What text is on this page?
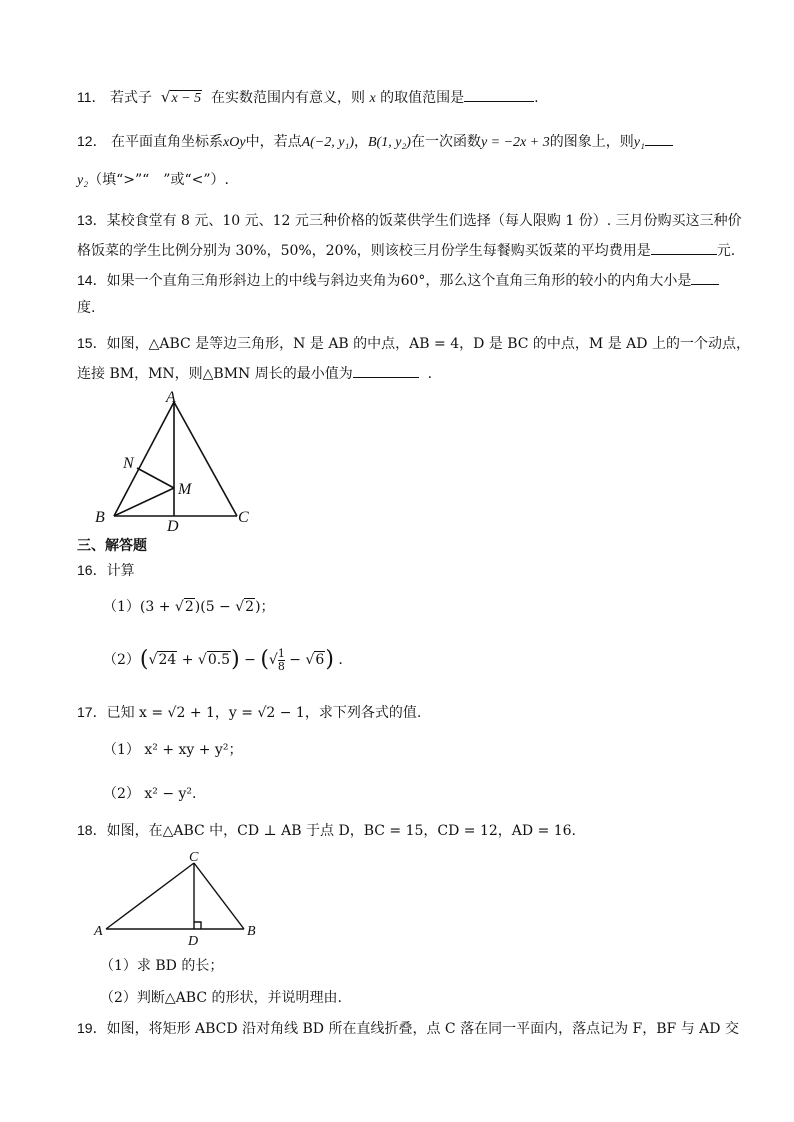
11． 若式子 √x − 5 在实数范围内有意义，则 x 的取值范围是	.
12． 在平面直角坐标系xOy中，若点A(−2, y₁)，B(1, y₂)在一次函数y = −2x + 3的图象上，则y₁
y₂（填“>”“　”或“<”）.
13．某校食堂有 8 元、10 元、12 元三种价格的饭菜供学生们选择（每人限购 1 份）. 三月份购买这三种价
格饭菜的学生比例分别为 30%，50%，20%，则该校三月份学生每餐购买饭菜的平均费用是	元.
14．如果一个直角三角形斜边上的中线与斜边夹角为60°，那么这个直角三角形的较小的内角大小是
度.
15．如图，△ABC 是等边三角形，N 是 AB 的中点，AB = 4，D 是 BC 的中点，M 是 AD 上的一个动点，
连接 BM，MN，则△BMN 周长的最小值为	.
A
N
M
B
D
C
三、解答题
16．计算
（1）(3 + √2)(5 − √2)；
（2）(√24 + √0.5) − (√ $\frac{1}{8} - √6$) .
17．已知 x = √2 + 1，y = √2 − 1，求下列各式的值.
（1） x² + xy + y²；
（2） x² − y².
18．如图，在△ABC 中，CD ⊥ AB 于点 D，BC = 15，CD = 12，AD = 16.
C
A
D
B
（1）求 BD 的长；
（2）判断△ABC 的形状，并说明理由.
19．如图，将矩形 ABCD 沿对角线 BD 所在直线折叠，点 C 落在同一平面内，落点记为 F，BF 与 AD 交
